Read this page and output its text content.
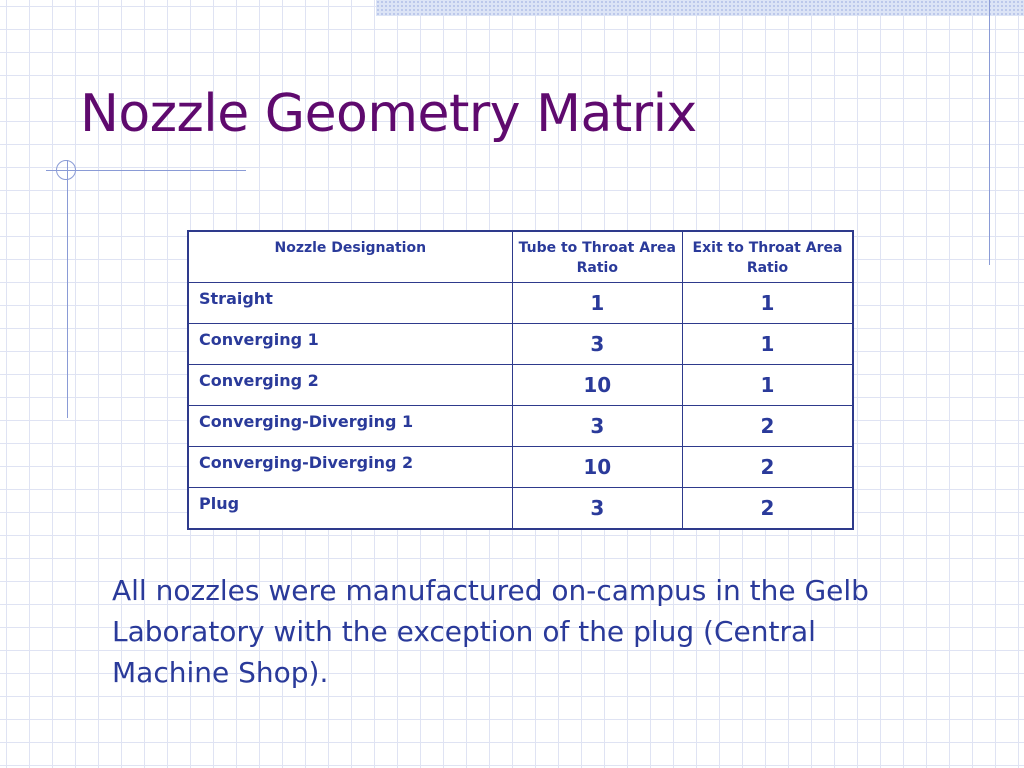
Nozzle Geometry Matrix
Nozzle Designation	Tube to Throat Area Ratio	Exit to Throat Area Ratio
Straight	1	1
Converging 1	3	1
Converging 2	10	1
Converging-Diverging 1	3	2
Converging-Diverging 2	10	2
Plug	3	2

All nozzles were manufactured on-campus in the Gelb Laboratory with the exception of the plug (Central Machine Shop).
